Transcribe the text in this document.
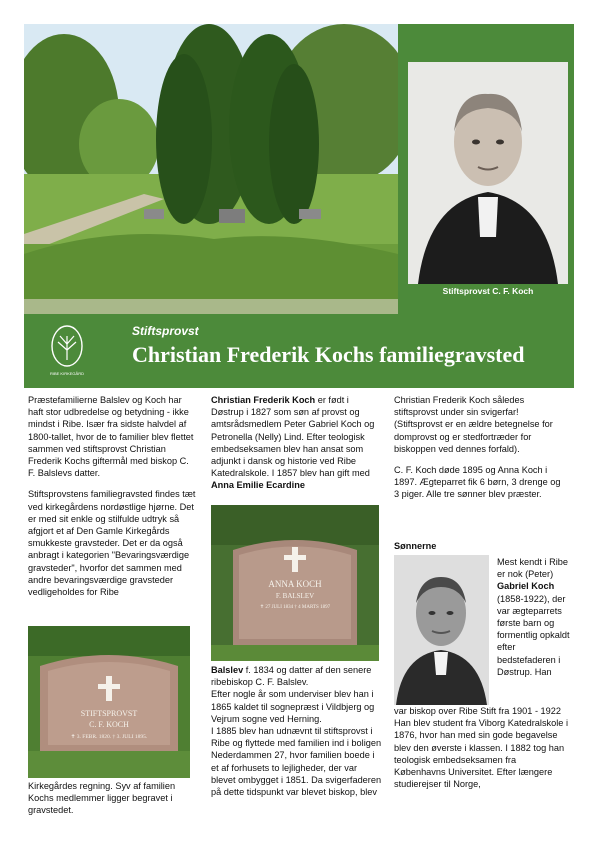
Stiftsprovst C. F. Koch
RIBE KIRKEGÅRD
Stiftsprovst
Christian Frederik Kochs familiegravsted

Præstefamilierne Balslev og Koch har haft stor udbredelse og betydning - ikke mindst i Ribe. Især fra sidste halvdel af 1800-tallet, hvor de to familier blev flettet sammen ved stiftsprovst Christian Frederik Kochs giftermål med biskop C. F. Balslevs datter.

Stiftsprovstens familiegravsted findes tæt ved kirkegårdens nordøstlige hjørne. Det er med sit enkle og stilfulde udtryk så afgjort et af Den Gamle Kirkegårds smukkeste gravsteder. Det er da også anbragt i kategorien "Bevaringsværdige gravsteder", hvorfor det sammen med andre bevaringsværdige gravsteder vedligeholdes for Ribe

STIFTSPROVST
C. F. KOCH
✝ 3. FEBR. 1820. † 3. JULI 1895.
Kirkegårdes regning. Syv af familien Kochs medlemmer ligger begravet i gravstedet.

Christian Frederik Koch er født i Døstrup i 1827 som søn af provst og amtsrådsmedlem Peter Gabriel Koch og Petronella (Nelly) Lind. Efter teologisk embedseksamen blev han ansat som adjunkt i dansk og historie ved Ribe Katedralskole. I 1857 blev han gift med Anna Emilie Ecardine

ANNA KOCH
F. BALSLEV
✝ 27 JULI 1834 † 4 MARTS 1897
Balslev f. 1834 og datter af den senere ribebiskop C. F. Balslev.
Efter nogle år som underviser blev han i 1865 kaldet til sognepræst i Vildbjerg og Vejrum sogne ved Herning.
I 1885 blev han udnævnt til stiftsprovst i Ribe og flyttede med familien ind i boligen Nederdammen 27, hvor familien boede i et af forhusets to lejligheder, der var blevet ombygget i 1851. Da svigerfaderen på dette tidspunkt var blevet biskop, blev

Christian Frederik Koch således stiftsprovst under sin svigerfar!

(Stiftsprovst er en ældre betegnelse for domprovst og er stedfortræder for biskoppen ved dennes forfald).

C. F. Koch døde 1895 og Anna Koch i 1897. Ægteparret fik 6 børn, 3 drenge og 3 piger. Alle tre sønner blev præster.

Sønnerne
Mest kendt i Ribe er nok (Peter) Gabriel Koch (1858-1922), der var ægteparrets første barn og formentlig opkaldt efter bedstefaderen i Døstrup. Han
var biskop over Ribe Stift fra 1901 - 1922
Han blev student fra Viborg Katedralskole i 1876, hvor han med sin gode begavelse blev den øverste i klassen. I 1882 tog han teologisk embedseksamen fra Københavns Universitet. Efter længere studierejser til Norge,
